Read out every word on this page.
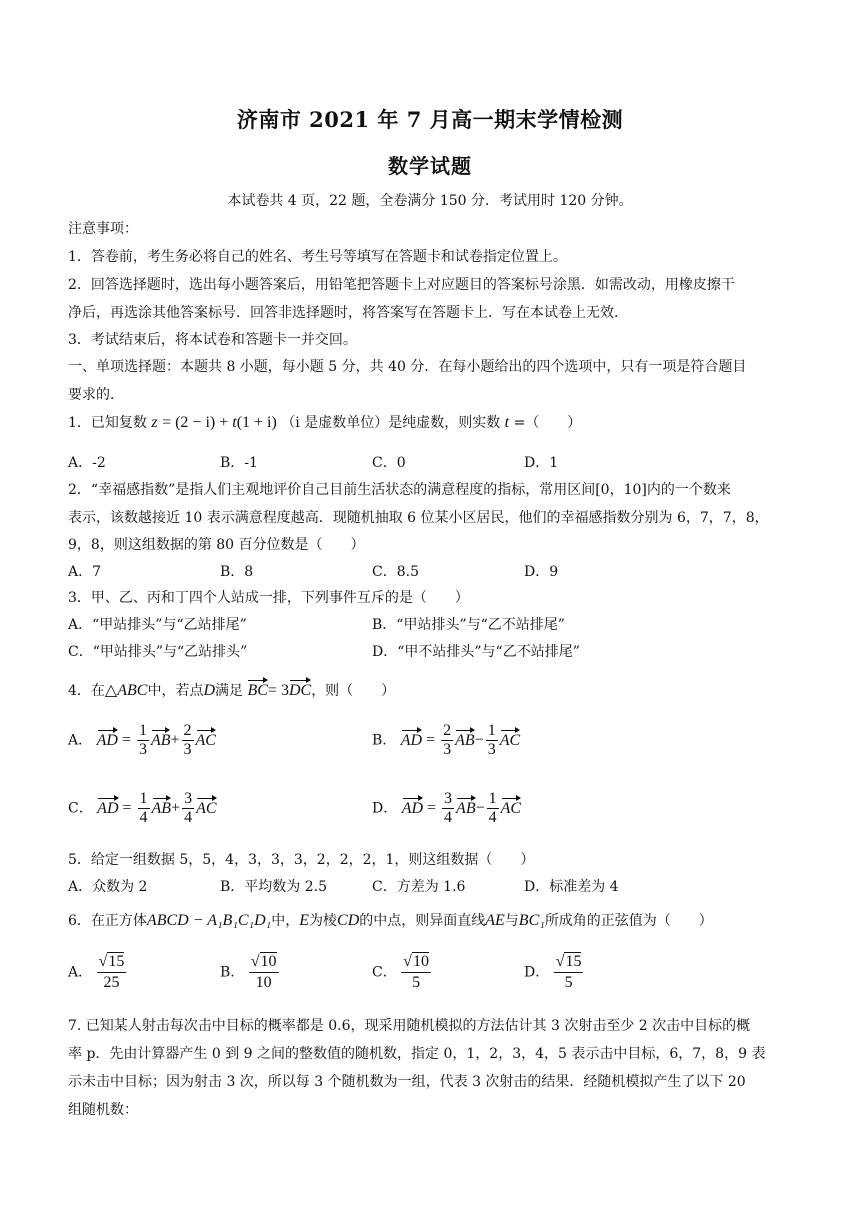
济南市 2021 年 7 月高一期末学情检测
数学试题
本试卷共 4 页，22 题，全卷满分 150 分．考试用时 120 分钟。
注意事项：
1．答卷前，考生务必将自己的姓名、考生号等填写在答题卡和试卷指定位置上。
2．回答选择题时，选出每小题答案后，用铅笔把答题卡上对应题目的答案标号涂黑．如需改动，用橡皮擦干
净后，再选涂其他答案标号．回答非选择题时，将答案写在答题卡上．写在本试卷上无效．
3．考试结束后，将本试卷和答题卡一并交回。
一、单项选择题：本题共 8 小题，每小题 5 分，共 40 分．在每小题给出的四个选项中，只有一项是符合题目
要求的．
1．已知复数 z = (2 − i) + t(1 + i) （i 是虚数单位）是纯虚数，则实数 t =（　　）
A．-2	B．-1	C．0	D．1
2．“幸福感指数”是指人们主观地评价自己目前生活状态的满意程度的指标，常用区间[0，10]内的一个数来
表示，该数越接近 10 表示满意程度越高．现随机抽取 6 位某小区居民，他们的幸福感指数分别为 6，7，7，8，
9，8，则这组数据的第 80 百分位数是（　　）
A．7	B．8	C．8.5	D．9
3．甲、乙、丙和丁四个人站成一排，下列事件互斥的是（　　）
A．“甲站排头”与“乙站排尾”	B．“甲站排头”与“乙不站排尾”
C．“甲站排头”与“乙站排头”	D．“甲不站排头”与“乙不站排尾”
4．在△ABC中，若点D满足 BC= 3DC，则（　　）
A． AD = $\frac{1}{3} AB+ \frac{2}{3}$ AC	B． AD = $\frac{2}{3} AB- \frac{1}{3}$ AC
C． AD = $\frac{1}{4} AB+ \frac{3}{4}$ AC	D． AD = $\frac{3}{4} AB- \frac{1}{4}$ AC
5．给定一组数据 5，5，4，3，3，3，2，2，2，1，则这组数据（　　）
A．众数为 2	B．平均数为 2.5	C．方差为 1.6	D．标准差为 4
6．在正方体ABCD − A₁B₁C₁D₁中，E为棱CD的中点，则异面直线AE与BC₁所成角的正弦值为（　　）
A． $\frac{√15}{25}$	B． $\frac{√10}{10}$	C． $\frac{√10}{5}$	D． $\frac{√15}{5}$
7. 已知某人射击每次击中目标的概率都是 0.6，现采用随机模拟的方法估计其 3 次射击至少 2 次击中目标的概
率 p．先由计算器产生 0 到 9 之间的整数值的随机数，指定 0，1，2，3，4，5 表示击中目标，6，7，8，9 表
示未击中目标；因为射击 3 次，所以每 3 个随机数为一组，代表 3 次射击的结果．经随机模拟产生了以下 20
组随机数：
